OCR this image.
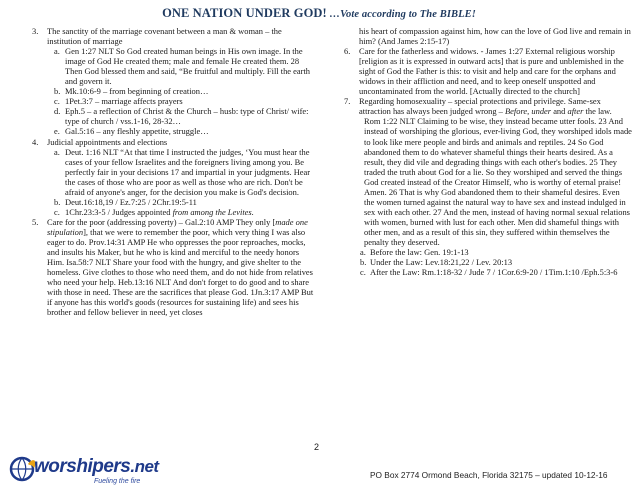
ONE NATION UNDER GOD! …Vote according to The BIBLE!
3.	The sanctity of the marriage covenant between a man & woman – the institution of marriage
a. Gen 1:27 NLT So God created human beings in His own image. In the image of God He created them; male and female He created them. 28 Then God blessed them and said, “Be fruitful and multiply. Fill the earth and govern it.
b. Mk.10:6-9 – from beginning of creation…
c. 1Pet.3:7 – marriage affects prayers
d. Eph.5 – a reflection of Christ & the Church – husb: type of Christ/ wife: type of church / vss.1-16, 28-32…
e. Gal.5:16 – any fleshly appetite, struggle…
4.	Judicial appointments and elections
a. Deut. 1:16 NLT “At that time I instructed the judges, ‘You must hear the cases of your fellow Israelites and the foreigners living among you. Be perfectly fair in your decisions 17 and impartial in your judgments. Hear the cases of those who are poor as well as those who are rich. Don't be afraid of anyone's anger, for the decision you make is God's decision.
b. Deut.16:18,19 / Ez.7:25 / 2Chr.19:5-11
c. 1Chr.23:3-5 / Judges appointed from among the Levites.
5.	Care for the poor (addressing poverty) – Gal.2:10 AMP They only [made one stipulation], that we were to remember the poor, which very thing I was also eager to do. Prov.14:31 AMP He who oppresses the poor reproaches, mocks, and insults his Maker, but he who is kind and merciful to the needy honors Him. Isa.58:7 NLT Share your food with the hungry, and give shelter to the homeless. Give clothes to those who need them, and do not hide from relatives who need your help. Heb.13:16 NLT And don't forget to do good and to share with those in need. These are the sacrifices that please God. 1Jn.3:17 AMP But if anyone has this world's goods (resources for sustaining life) and sees his brother and fellow believer in need, yet closes
his heart of compassion against him, how can the love of God live and remain in him? (And James 2:15-17)
6.	Care for the fatherless and widows. - James 1:27 External religious worship [religion as it is expressed in outward acts] that is pure and unblemished in the sight of God the Father is this: to visit and help and care for the orphans and widows in their affliction and need, and to keep oneself unspotted and uncontaminated from the world. [Actually directed to the church]
7.	Regarding homosexuality – special protections and privilege. Same-sex attraction has always been judged wrong – Before, under and after the law.
Rom 1:22 NLT Claiming to be wise, they instead became utter fools. 23 And instead of worshiping the glorious, ever-living God, they worshiped idols made to look like mere people and birds and animals and reptiles. 24 So God abandoned them to do whatever shameful things their hearts desired. As a result, they did vile and degrading things with each other's bodies. 25 They traded the truth about God for a lie. So they worshiped and served the things God created instead of the Creator Himself, who is worthy of eternal praise! Amen. 26 That is why God abandoned them to their shameful desires. Even the women turned against the natural way to have sex and instead indulged in sex with each other. 27 And the men, instead of having normal sexual relations with women, burned with lust for each other. Men did shameful things with other men, and as a result of this sin, they suffered within themselves the penalty they deserved.
a. Before the law: Gen. 19:1-13
b. Under the Law: Lev.18:21,22 / Lev. 20:13
c. After the Law: Rm.1:18-32 / Jude 7 / 1Cor.6:9-20 / 1Tim.1:10 /Eph.5:3-6
2
worshipers.net
Fueling the fire
PO Box 2774 Ormond Beach, Florida 32175 – updated 10-12-16
